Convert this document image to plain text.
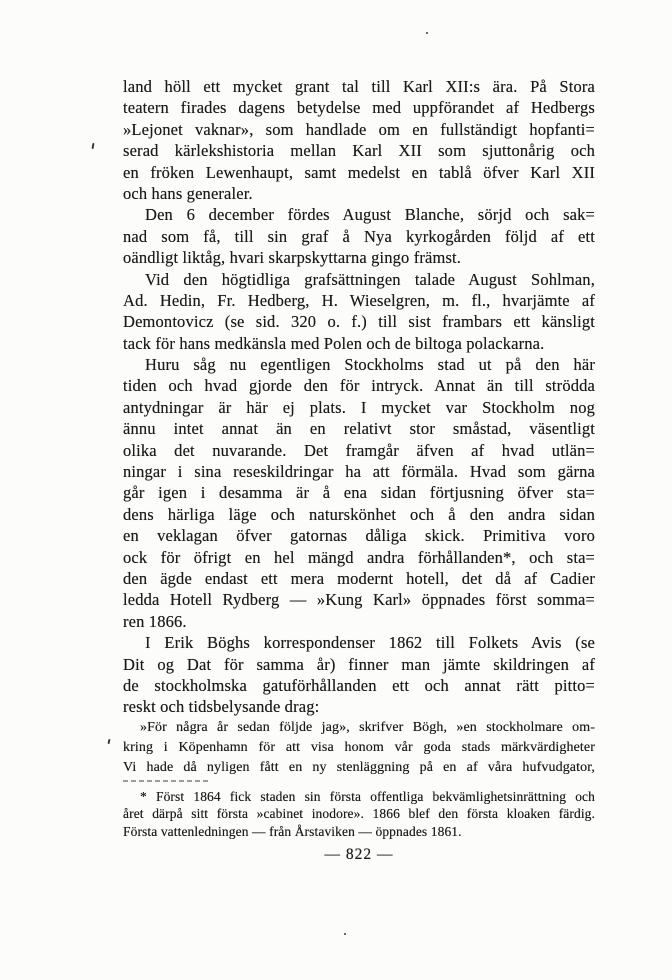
land höll ett mycket grant tal till Karl XII:s ära. På Stora
teatern firades dagens betydelse med uppförandet af Hedbergs
»Lejonet vaknar», som handlade om en fullständigt hopfanti=
serad kärlekshistoria mellan Karl XII som sjuttonårig och
en fröken Lewenhaupt, samt medelst en tablå öfver Karl XII
och hans generaler.
Den 6 december fördes August Blanche, sörjd och sak=
nad som få, till sin graf å Nya kyrkogården följd af ett
oändligt liktåg, hvari skarpskyttarna gingo främst.
Vid den högtidliga grafsättningen talade August Sohlman,
Ad. Hedin, Fr. Hedberg, H. Wieselgren, m. fl., hvarjämte af
Demontovicz (se sid. 320 o. f.) till sist frambars ett känsligt
tack för hans medkänsla med Polen och de biltoga polackarna.
Huru såg nu egentligen Stockholms stad ut på den här
tiden och hvad gjorde den för intryck. Annat än till strödda
antydningar är här ej plats. I mycket var Stockholm nog
ännu intet annat än en relativt stor småstad, väsentligt
olika det nuvarande. Det framgår äfven af hvad utlän=
ningar i sina reseskildringar ha att förmäla. Hvad som gärna
går igen i desamma är å ena sidan förtjusning öfver sta=
dens härliga läge och naturskönhet och å den andra sidan
en veklagan öfver gatornas dåliga skick. Primitiva voro
ock för öfrigt en hel mängd andra förhållanden*, och sta=
den ägde endast ett mera modernt hotell, det då af Cadier
ledda Hotell Rydberg — »Kung Karl» öppnades först somma=
ren 1866.
I Erik Böghs korrespondenser 1862 till Folkets Avis (se
Dit og Dat för samma år) finner man jämte skildringen af
de stockholmska gatuförhållanden ett och annat rätt pitto=
reskt och tidsbelysande drag:
»För några år sedan följde jag», skrifver Bögh, »en stockholmare om-
kring i Köpenhamn för att visa honom vår goda stads märkvärdigheter
Vi hade då nyligen fått en ny stenläggning på en af våra hufvudgator,
* Först 1864 fick staden sin första offentliga bekvämlighetsinrättning och
året därpå sitt första »cabinet inodore». 1866 blef den första kloaken färdig.
Första vattenledningen — från Årstaviken — öppnades 1861.
— 822 —
